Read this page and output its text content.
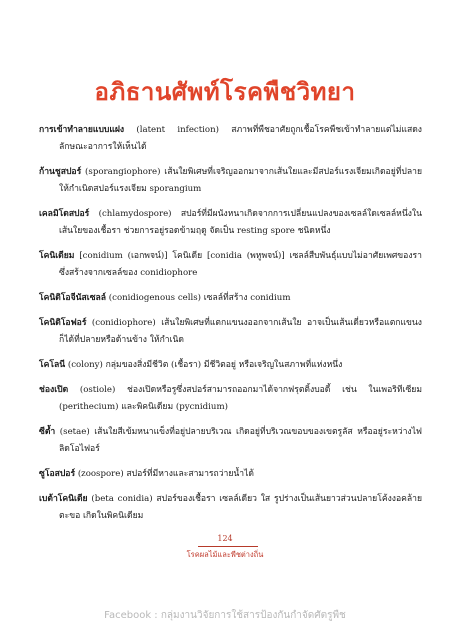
อภิธานศัพท์โรคพืชวิทยา

การเข้าทำลายแบบแฝง (latent infection) สภาพที่พืชอาศัยถูกเชื้อโรคพืชเข้าทำลายแต่ไม่แสดงลักษณะอาการให้เห็นได้

ก้านชูสปอร์ (sporangiophore) เส้นใยพิเศษที่เจริญออกมาจากเส้นใยและมีสปอร์แรงเจียมเกิดอยู่ที่ปลาย ให้กำเนิดสปอร์แรงเจียม sporangium

เคลมิโดสปอร์ (chlamydospore) สปอร์ที่มีผนังหนาเกิดจากการเปลี่ยนแปลงของเซลล์ใดเซลล์หนึ่งในเส้นใยของเชื้อรา ช่วยการอยู่รอดข้ามฤดู จัดเป็น resting spore ชนิดหนึ่ง

โคนิเดียม [conidium (เอกพจน์)] โคนิเดีย [conidia (พหูพจน์)] เซลล์สืบพันธุ์แบบไม่อาศัยเพศของรา ซึ่งสร้างจากเซลล์ของ conidiophore

โคนิดิโอจีนัสเซลล์ (conidiogenous cells) เซลล์ที่สร้าง conidium

โคนิดิโอฟอร์ (conidiophore) เส้นใยพิเศษที่แตกแขนงออกจากเส้นใย อาจเป็นเส้นเดี่ยวหรือแตกแขนงก็ได้ที่ปลายหรือด้านข้าง ให้กำเนิด

โคโลนี (colony) กลุ่มของสิ่งมีชีวิต (เชื้อรา) มีชีวิตอยู่ หรือเจริญในสภาพที่แห่งหนึ่ง

ช่องเปิด (ostiole) ช่องเปิดหรือรูซึ่งสปอร์สามารถออกมาได้จากฟรุตติ้งบอดี้ เช่น ในเพอริทีเซียม (perithecium) และพิคนิเดียม (pycnidium)

ซีต้ำ (setae) เส้นใยสีเข้มหนาแข็งที่อยู่ปลายบริเวณ เกิดอยู่ที่บริเวณขอบของเขตรูลัส หรืออยู่ระหว่างไฟลิดโอไฟอร์

ซูโอสปอร์ (zoospore) สปอร์ที่มีหางและสามารถว่ายน้ำได้

เบต้าโคนิเดีย (beta conidia) สปอร์ของเชื้อรา เซลล์เดียว ใส รูปร่างเป็นเส้นยาวส่วนปลายโค้งงอคล้ายตะขอ เกิดในพิคนิเดียม

124
โรคผลไม้และพืชต่างถิ่น
Facebook : กลุ่มงานวิจัยการใช้สารป้องกันกำจัดศัตรูพืช
